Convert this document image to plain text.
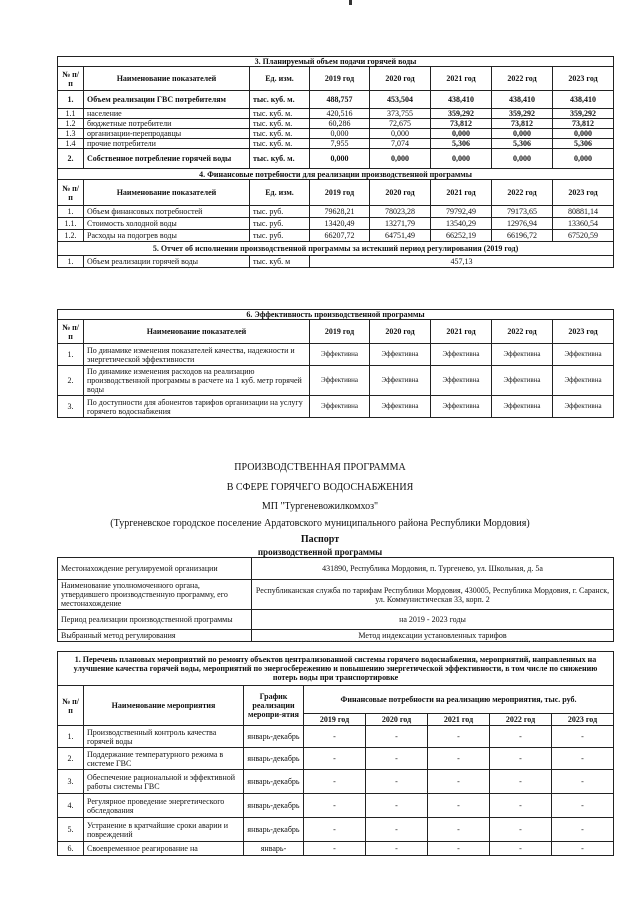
3. Планируемый объем подачи горячей воды							
№ п/п	Наименование показателей	Ед. изм.	2019 год	2020 год	2021 год	2022 год	2023 год
1.	Объем реализации ГВС потребителям	тыс. куб. м.	488,757	453,504	438,410	438,410	438,410
1.1	население	тыс. куб. м.	420,516	373,755	359,292	359,292	359,292
1.2	бюджетные потребители	тыс. куб. м.	60,286	72,675	73,812	73,812	73,812
1.3	организации-перепродавцы	тыс. куб. м.	0,000	0,000	0,000	0,000	0,000
1.4	прочие потребители	тыс. куб. м.	7,955	7,074	5,306	5,306	5,306
2.	Собственное потребление горячей воды	тыс. куб. м.	0,000	0,000	0,000	0,000	0,000
4. Финансовые потребности для реализации производственной программы							
№ п/п	Наименование показателей	Ед. изм.	2019 год	2020 год	2021 год	2022 год	2023 год
1.	Объем финансовых потребностей	тыс. руб.	79628,21	78023,28	79792,49	79173,65	80881,14
1.1.	Стоимость холодной воды	тыс. руб.	13420,49	13271,79	13540,29	12976,94	13360,54
1.2.	Расходы на подогрев воды	тыс. руб.	66207,72	64751,49	66252,19	66196,72	67520,59
5. Отчет об исполнении производственной программы за истекший период регулирования (2019 год)							
1.	Объем реализации горячей воды	тыс. куб. м	457,13				
6. Эффективность производственной программы						
№ п/п	Наименование показателей	2019 год	2020 год	2021 год	2022 год	2023 год
1.	По динамике изменения показателей качества, надежности и энергетической эффективности	Эффективна	Эффективна	Эффективна	Эффективна	Эффективна
2.	По динамике изменения расходов на реализацию производственной программы в расчете на 1 куб. метр горячей воды	Эффективна	Эффективна	Эффективна	Эффективна	Эффективна
3.	По доступности для абонентов тарифов организации на услугу горячего водоснабжения	Эффективна	Эффективна	Эффективна	Эффективна	Эффективна
ПРОИЗВОДСТВЕННАЯ ПРОГРАММА
В СФЕРЕ ГОРЯЧЕГО ВОДОСНАБЖЕНИЯ
МП "Тургеневожилкомхоз"
(Тургеневское городское поселение Ардатовского муниципального района Республики Мордовия)
Паспорт
производственной программы
Местонахождение регулируемой организации	431890, Республика Мордовия, п. Тургенево, ул. Школьная, д. 5а
Наименование уполномоченного органа, утвердившего производственную программу, его местонахождение	Республиканская служба по тарифам Республики Мордовия, 430005, Республика Мордовия, г. Саранск, ул. Коммунистическая 33, корп. 2
Период реализации производственной программы	на 2019 - 2023 годы
Выбранный метод регулирования	Метод индексации установленных тарифов
1. Перечень плановых мероприятий по ремонту объектов централизованной системы горячего водоснабжения, мероприятий, направленных на улучшение качества горячей воды, мероприятий по энергосбережению и повышению энергетической эффективности, в том числе по снижению потерь воды при транспортировке							
№ п/п	Наименование мероприятия	График реализации меропри-ятия	Финансовые потребности на реализацию мероприятия, тыс. руб.				
			2019 год	2020 год	2021 год	2022 год	2023 год
1.	Производственный контроль качества горячей воды	январь-декабрь	-	-	-	-	-
2.	Поддержание температурного режима в системе ГВС	январь-декабрь	-	-	-	-	-
3.	Обеспечение рациональной и эффективной работы системы ГВС	январь-декабрь	-	-	-	-	-
4.	Регулярное проведение энергетического обследования	январь-декабрь	-	-	-	-	-
5.	Устранение в кратчайшие сроки аварии и повреждений	январь-декабрь	-	-	-	-	-
6.	Своевременное реагирование на	январь-	-	-	-	-	-
